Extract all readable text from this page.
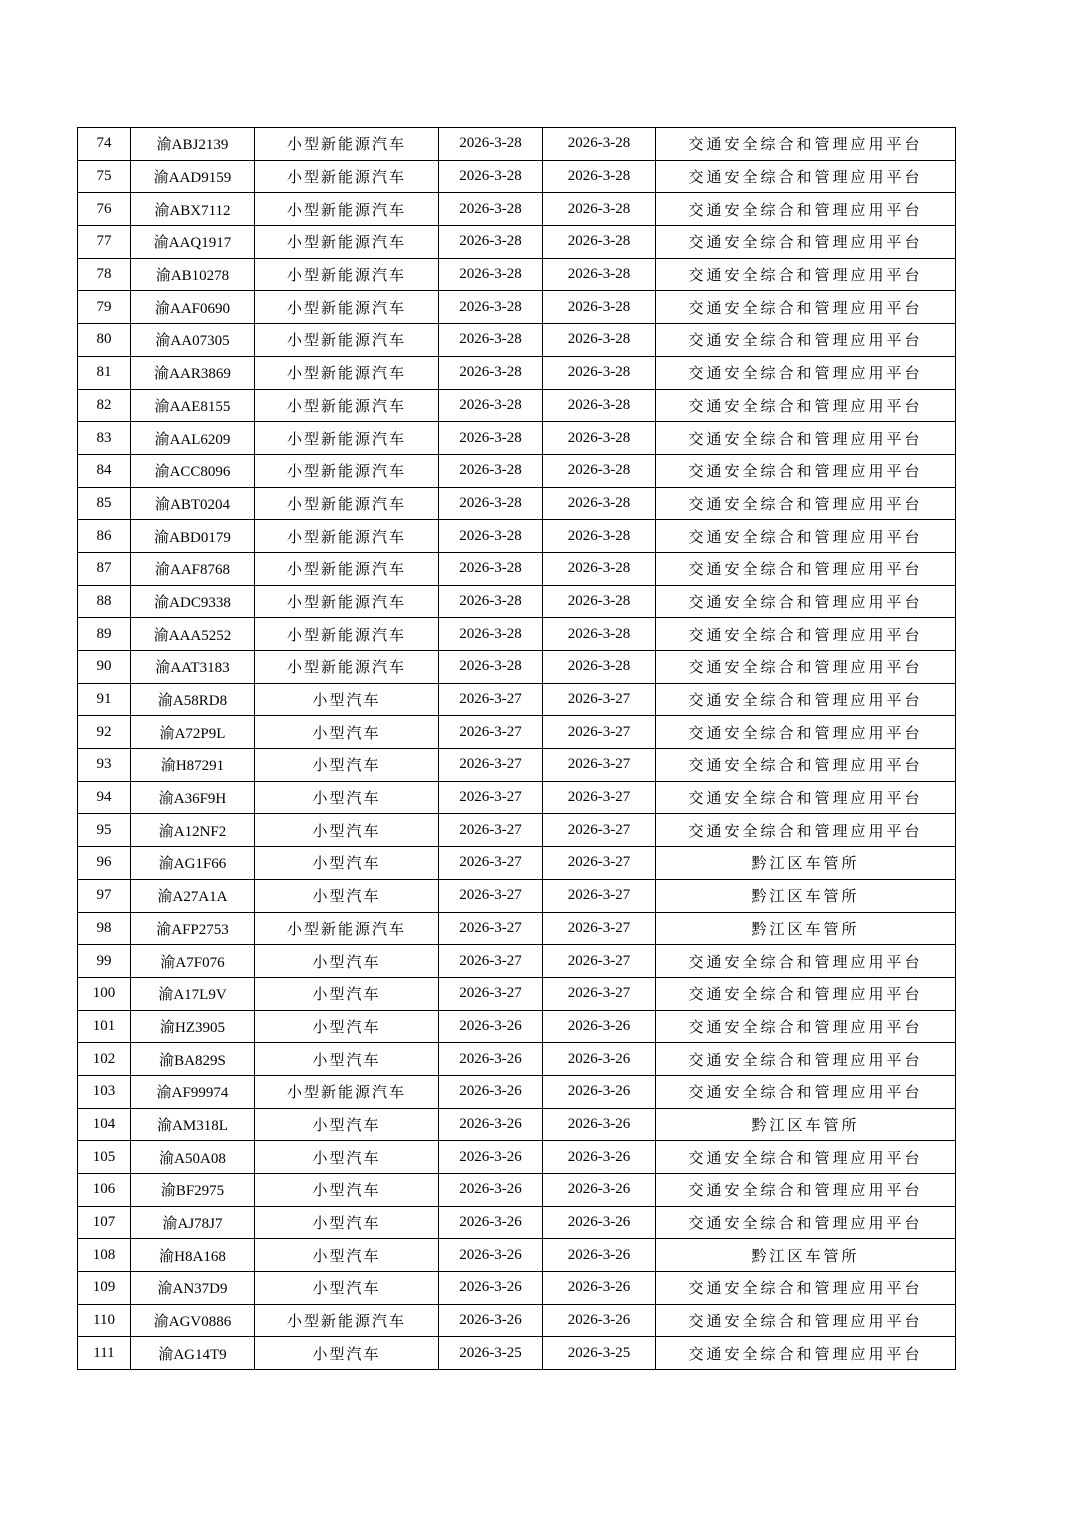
74	渝ABJ2139	小型新能源汽车	2026-3-28	2026-3-28	交通安全综合和管理应用平台
75	渝AAD9159	小型新能源汽车	2026-3-28	2026-3-28	交通安全综合和管理应用平台
76	渝ABX7112	小型新能源汽车	2026-3-28	2026-3-28	交通安全综合和管理应用平台
77	渝AAQ1917	小型新能源汽车	2026-3-28	2026-3-28	交通安全综合和管理应用平台
78	渝AB10278	小型新能源汽车	2026-3-28	2026-3-28	交通安全综合和管理应用平台
79	渝AAF0690	小型新能源汽车	2026-3-28	2026-3-28	交通安全综合和管理应用平台
80	渝AA07305	小型新能源汽车	2026-3-28	2026-3-28	交通安全综合和管理应用平台
81	渝AAR3869	小型新能源汽车	2026-3-28	2026-3-28	交通安全综合和管理应用平台
82	渝AAE8155	小型新能源汽车	2026-3-28	2026-3-28	交通安全综合和管理应用平台
83	渝AAL6209	小型新能源汽车	2026-3-28	2026-3-28	交通安全综合和管理应用平台
84	渝ACC8096	小型新能源汽车	2026-3-28	2026-3-28	交通安全综合和管理应用平台
85	渝ABT0204	小型新能源汽车	2026-3-28	2026-3-28	交通安全综合和管理应用平台
86	渝ABD0179	小型新能源汽车	2026-3-28	2026-3-28	交通安全综合和管理应用平台
87	渝AAF8768	小型新能源汽车	2026-3-28	2026-3-28	交通安全综合和管理应用平台
88	渝ADC9338	小型新能源汽车	2026-3-28	2026-3-28	交通安全综合和管理应用平台
89	渝AAA5252	小型新能源汽车	2026-3-28	2026-3-28	交通安全综合和管理应用平台
90	渝AAT3183	小型新能源汽车	2026-3-28	2026-3-28	交通安全综合和管理应用平台
91	渝A58RD8	小型汽车	2026-3-27	2026-3-27	交通安全综合和管理应用平台
92	渝A72P9L	小型汽车	2026-3-27	2026-3-27	交通安全综合和管理应用平台
93	渝H87291	小型汽车	2026-3-27	2026-3-27	交通安全综合和管理应用平台
94	渝A36F9H	小型汽车	2026-3-27	2026-3-27	交通安全综合和管理应用平台
95	渝A12NF2	小型汽车	2026-3-27	2026-3-27	交通安全综合和管理应用平台
96	渝AG1F66	小型汽车	2026-3-27	2026-3-27	黔江区车管所
97	渝A27A1A	小型汽车	2026-3-27	2026-3-27	黔江区车管所
98	渝AFP2753	小型新能源汽车	2026-3-27	2026-3-27	黔江区车管所
99	渝A7F076	小型汽车	2026-3-27	2026-3-27	交通安全综合和管理应用平台
100	渝A17L9V	小型汽车	2026-3-27	2026-3-27	交通安全综合和管理应用平台
101	渝HZ3905	小型汽车	2026-3-26	2026-3-26	交通安全综合和管理应用平台
102	渝BA829S	小型汽车	2026-3-26	2026-3-26	交通安全综合和管理应用平台
103	渝AF99974	小型新能源汽车	2026-3-26	2026-3-26	交通安全综合和管理应用平台
104	渝AM318L	小型汽车	2026-3-26	2026-3-26	黔江区车管所
105	渝A50A08	小型汽车	2026-3-26	2026-3-26	交通安全综合和管理应用平台
106	渝BF2975	小型汽车	2026-3-26	2026-3-26	交通安全综合和管理应用平台
107	渝AJ78J7	小型汽车	2026-3-26	2026-3-26	交通安全综合和管理应用平台
108	渝H8A168	小型汽车	2026-3-26	2026-3-26	黔江区车管所
109	渝AN37D9	小型汽车	2026-3-26	2026-3-26	交通安全综合和管理应用平台
110	渝AGV0886	小型新能源汽车	2026-3-26	2026-3-26	交通安全综合和管理应用平台
111	渝AG14T9	小型汽车	2026-3-25	2026-3-25	交通安全综合和管理应用平台
